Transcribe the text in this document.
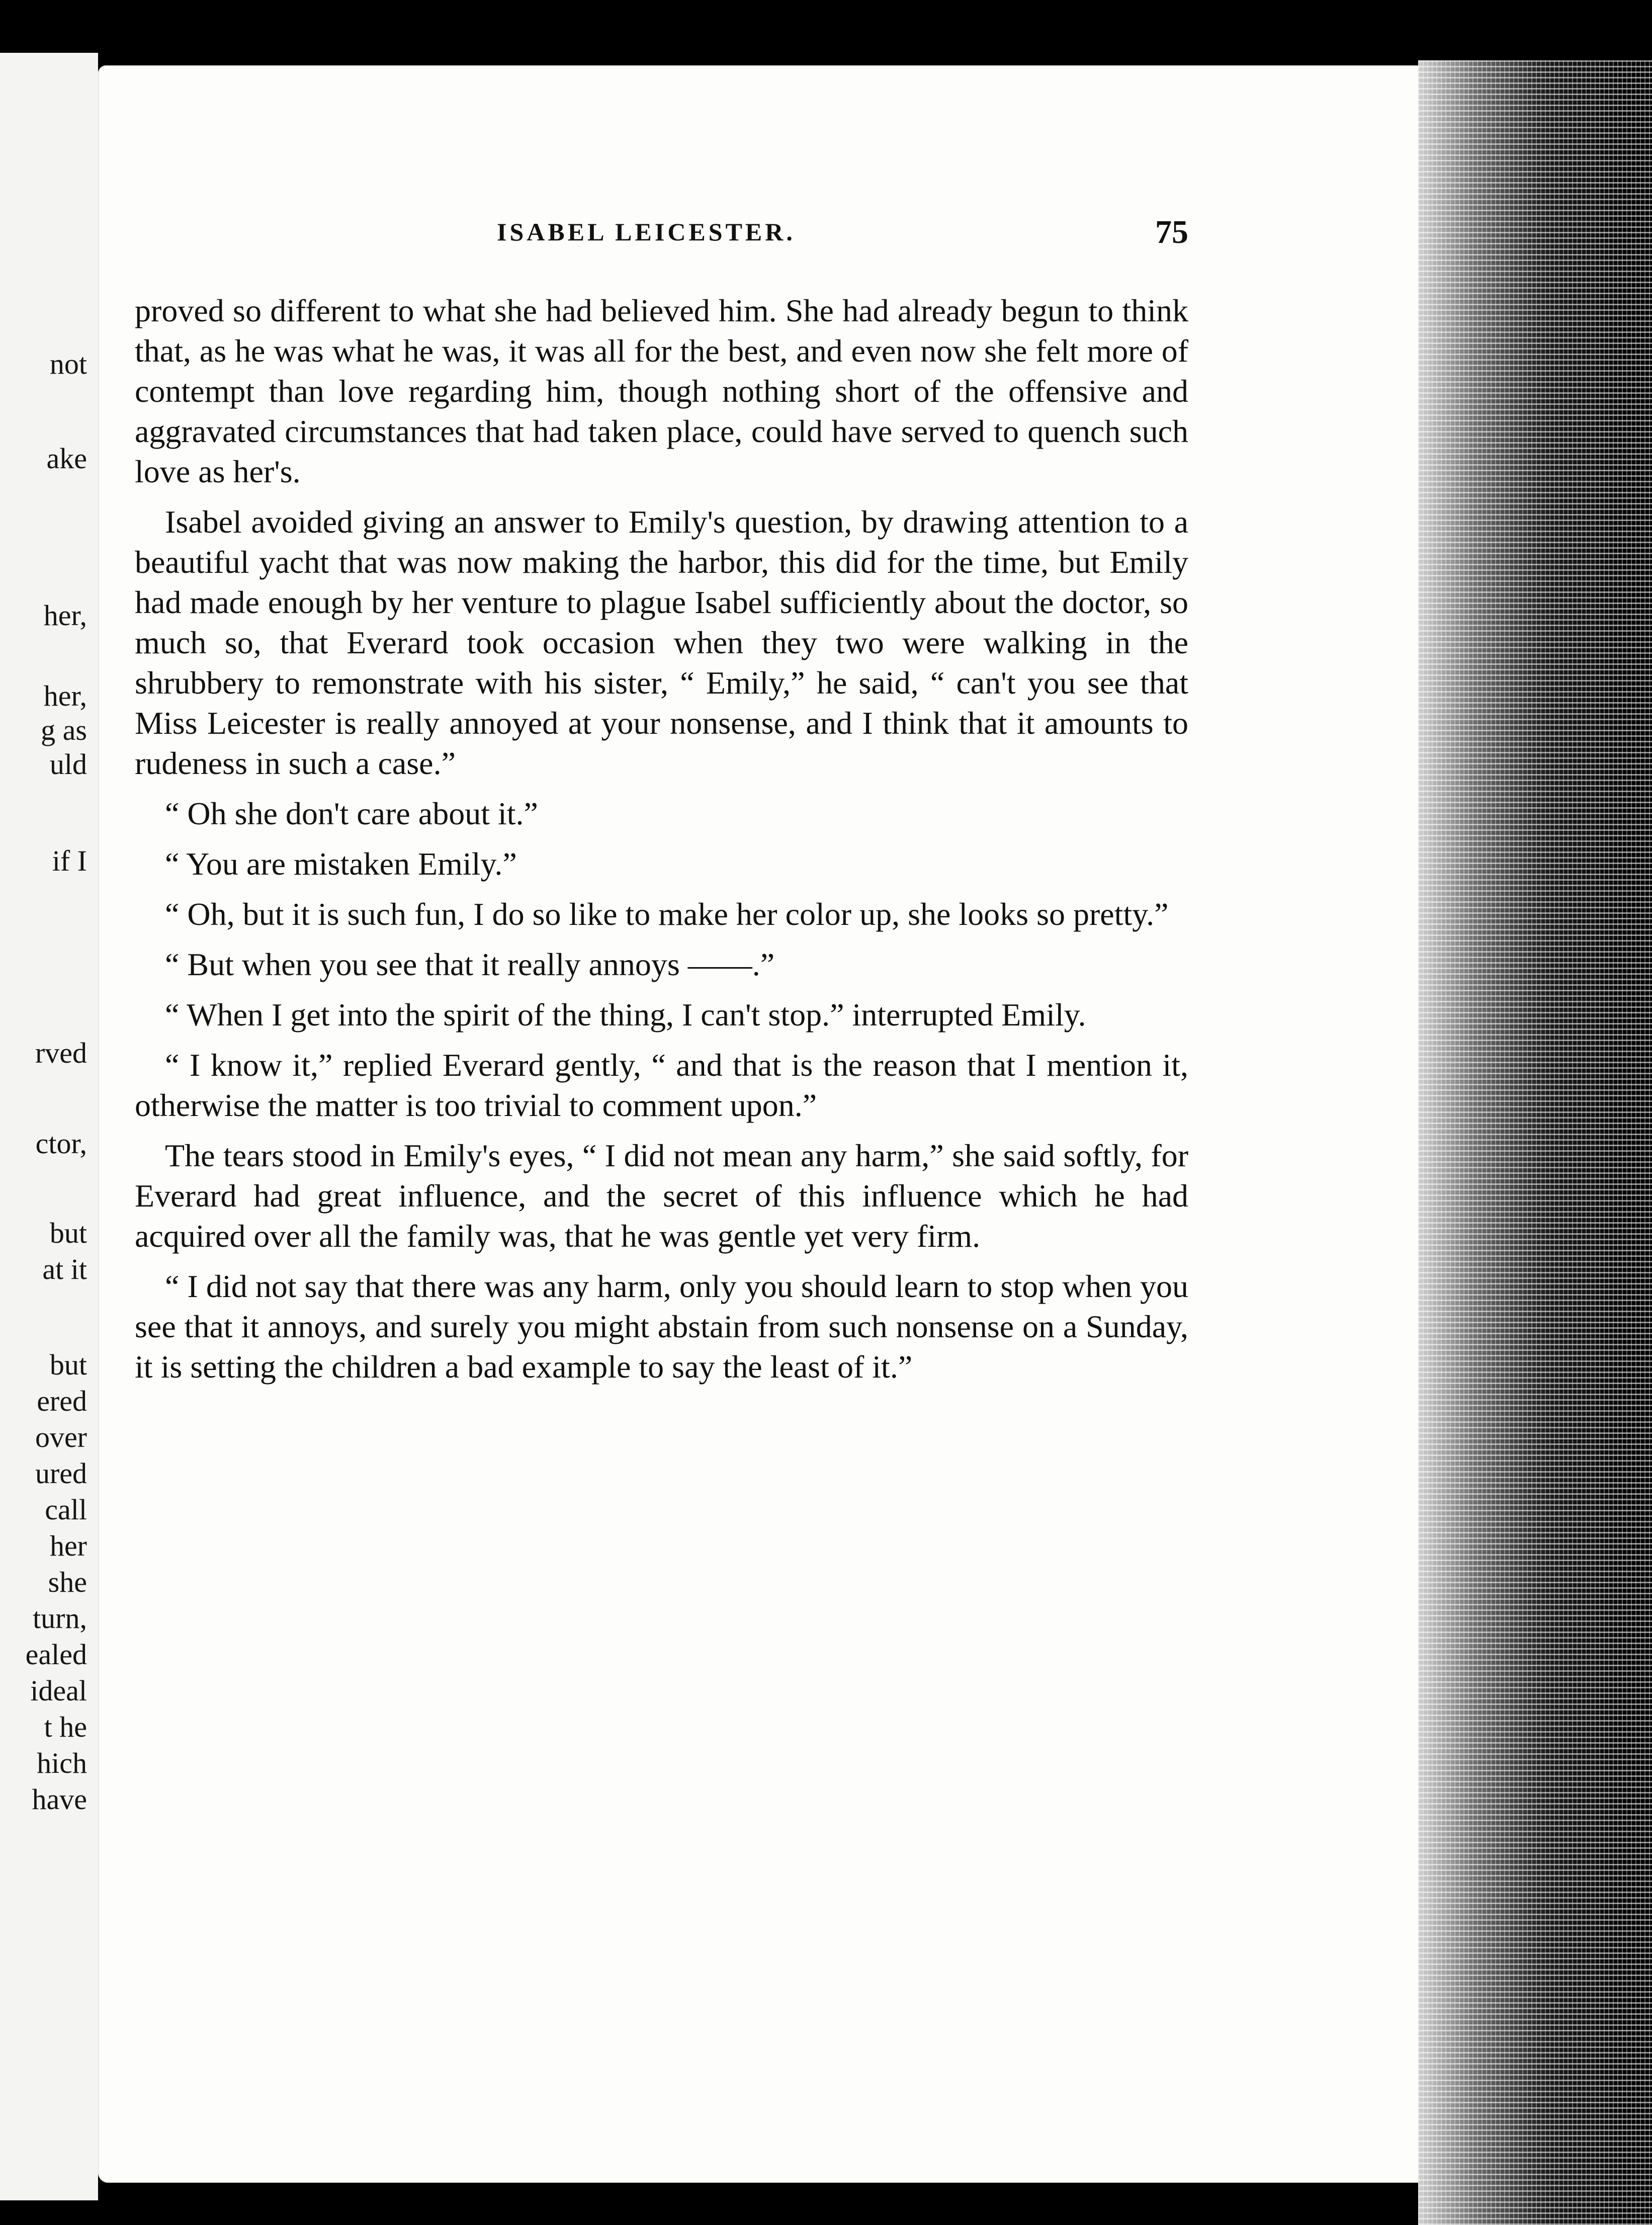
not
ake
her,
her,
g as
uld
if I
rved
ctor,
but
at it
but
ered
over
ured
call
her
she
turn,
ealed
ideal
t he
hich
have
ISABEL LEICESTER.	75

proved so different to what she had believed him. She had already begun to think that, as he was what he was, it was all for the best, and even now she felt more of contempt than love regarding him, though nothing short of the offensive and aggravated circumstances that had taken place, could have served to quench such love as her's.

Isabel avoided giving an answer to Emily's question, by drawing attention to a beautiful yacht that was now making the harbor, this did for the time, but Emily had made enough by her venture to plague Isabel sufficiently about the doctor, so much so, that Everard took occasion when they two were walking in the shrubbery to remonstrate with his sister, “ Emily,” he said, “ can't you see that Miss Leicester is really annoyed at your nonsense, and I think that it amounts to rudeness in such a case.”

“ Oh she don't care about it.”

“ You are mistaken Emily.”

“ Oh, but it is such fun, I do so like to make her color up, she looks so pretty.”

“ But when you see that it really annoys ——.”

“ When I get into the spirit of the thing, I can't stop.” interrupted Emily.

“ I know it,” replied Everard gently, “ and that is the reason that I mention it, otherwise the matter is too trivial to comment upon.”

The tears stood in Emily's eyes, “ I did not mean any harm,” she said softly, for Everard had great influence, and the secret of this influence which he had acquired over all the family was, that he was gentle yet very firm.

“ I did not say that there was any harm, only you should learn to stop when you see that it annoys, and surely you might abstain from such nonsense on a Sunday, it is setting the children a bad example to say the least of it.”
